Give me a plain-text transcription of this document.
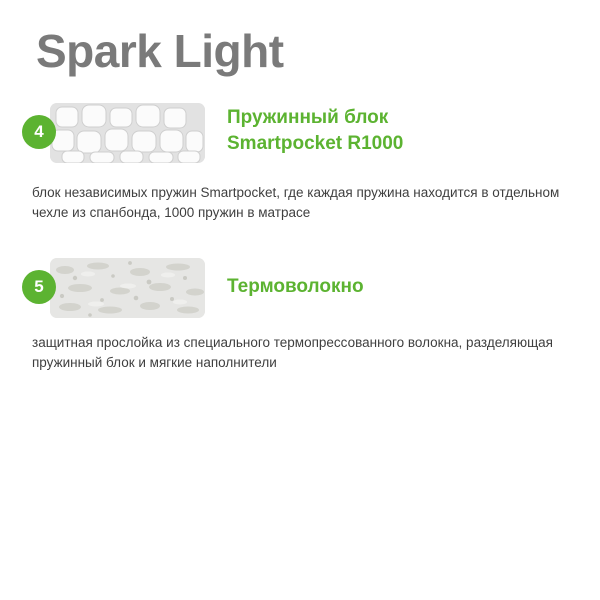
Spark Light
4
Пружинный блок
Smartpocket R1000
блок независимых пружин Smartpocket, где каждая пружина находится в отдельном чехле из спанбонда, 1000 пружин в матрасе
5	Термоволокно
защитная прослойка из специального термопрессованного волокна, разделяющая пружинный блок и мягкие наполнители
